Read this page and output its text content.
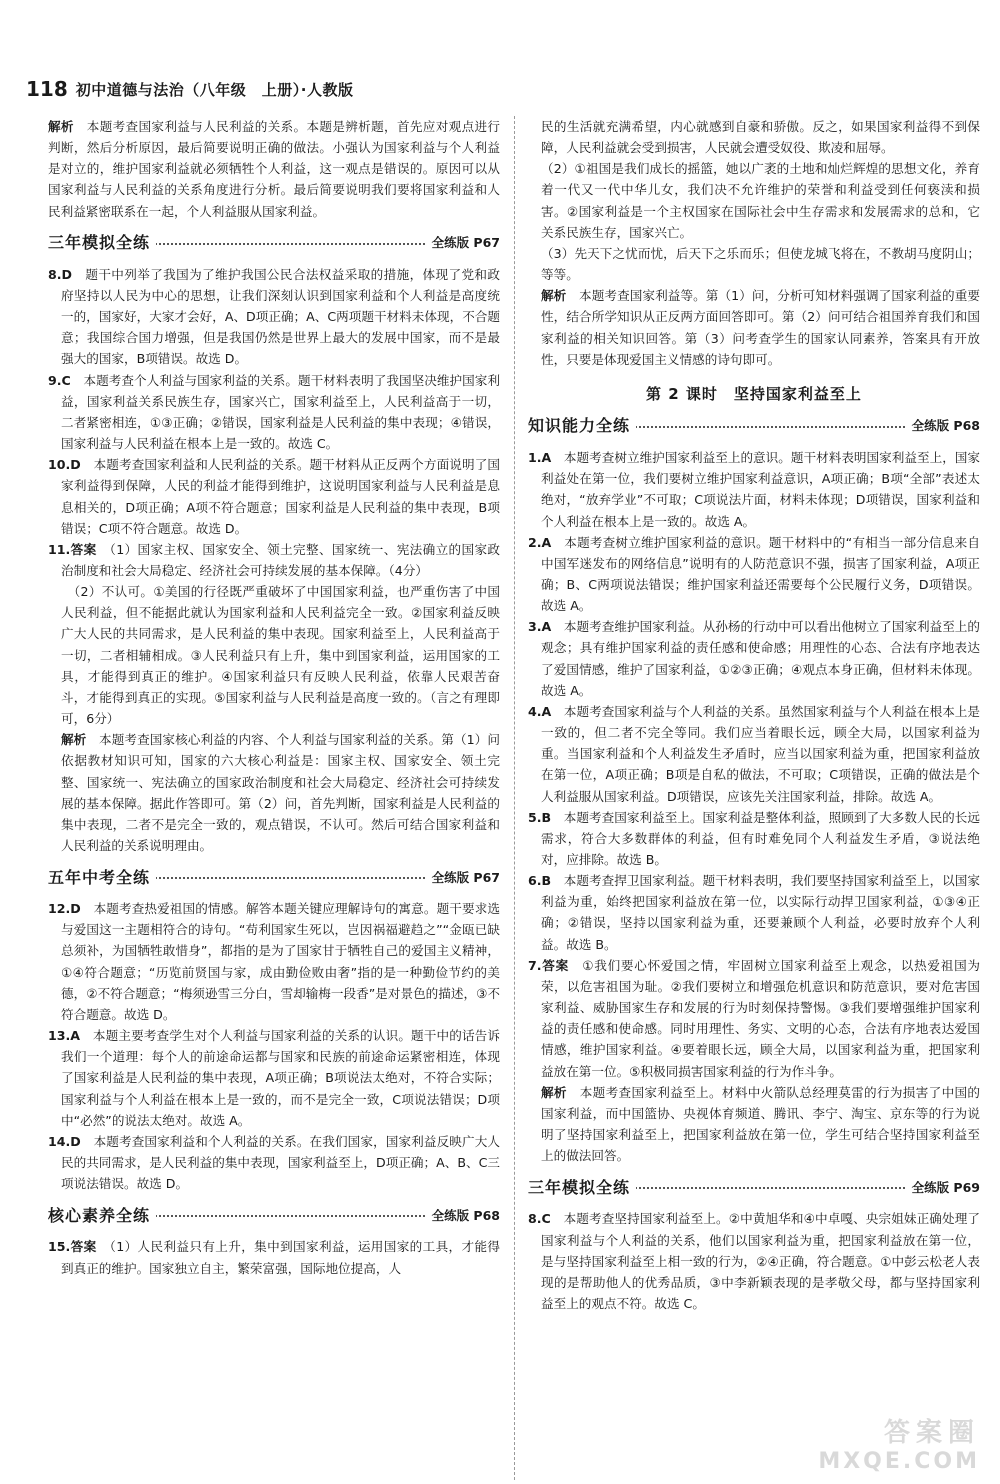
118 初中道德与法治（八年级　上册）·人教版

解析　本题考查国家利益与人民利益的关系。本题是辨析题，首先应对观点进行判断，然后分析原因，最后简要说明正确的做法。小强认为国家利益与个人利益是对立的，维护国家利益就必须牺牲个人利益，这一观点是错误的。原因可以从国家利益与人民利益的关系角度进行分析。最后简要说明我们要将国家利益和人民利益紧密联系在一起，个人利益服从国家利益。

三年模拟全练	全练版 P67

8.D　题干中列举了我国为了维护我国公民合法权益采取的措施，体现了党和政府坚持以人民为中心的思想，让我们深刻认识到国家利益和个人利益是高度统一的，国家好，大家才会好，A、D项正确；A、C两项题干材料未体现，不合题意；我国综合国力增强，但是我国仍然是世界上最大的发展中国家，而不是最强大的国家，B项错误。故选 D。

9.C　本题考查个人利益与国家利益的关系。题干材料表明了我国坚决维护国家利益，国家利益关系民族生存，国家兴亡，国家利益至上，人民利益高于一切，二者紧密相连，①③正确；②错误，国家利益是人民利益的集中表现；④错误，国家利益与人民利益在根本上是一致的。故选 C。

10.D　本题考查国家利益和人民利益的关系。题干材料从正反两个方面说明了国家利益得到保障，人民的利益才能得到维护，这说明国家利益与人民利益是息息相关的，D项正确；A项不符合题意；国家利益是人民利益的集中表现，B项错误；C项不符合题意。故选 D。

11.答案　（1）国家主权、国家安全、领土完整、国家统一、宪法确立的国家政治制度和社会大局稳定、经济社会可持续发展的基本保障。（4分）

　（2）不认可。①美国的行径既严重破坏了中国国家利益，也严重伤害了中国人民利益，但不能据此就认为国家利益和人民利益完全一致。②国家利益反映广大人民的共同需求，是人民利益的集中表现。国家利益至上，人民利益高于一切，二者相辅相成。③人民利益只有上升，集中到国家利益，运用国家的工具，才能得到真正的维护。④国家利益只有反映人民利益，依靠人民艰苦奋斗，才能得到真正的实现。⑤国家利益与人民利益是高度一致的。（言之有理即可，6分）

解析　本题考查国家核心利益的内容、个人利益与国家利益的关系。第（1）问依据教材知识可知，国家的六大核心利益是：国家主权、国家安全、领土完整、国家统一、宪法确立的国家政治制度和社会大局稳定、经济社会可持续发展的基本保障。据此作答即可。第（2）问，首先判断，国家利益是人民利益的集中表现，二者不是完全一致的，观点错误，不认可。然后可结合国家利益和人民利益的关系说明理由。

五年中考全练	全练版 P67

12.D　本题考查热爱祖国的情感。解答本题关键应理解诗句的寓意。题干要求选与爱国这一主题相符合的诗句。“苟利国家生死以，岂因祸福避趋之”“金瓯已缺总须补，为国牺牲敢惜身”，都指的是为了国家甘于牺牲自己的爱国主义精神，①④符合题意；“历览前贤国与家，成由勤俭败由奢”指的是一种勤俭节约的美德，②不符合题意；“梅须逊雪三分白，雪却输梅一段香”是对景色的描述，③不符合题意。故选 D。

13.A　本题主要考查学生对个人利益与国家利益的关系的认识。题干中的话告诉我们一个道理：每个人的前途命运都与国家和民族的前途命运紧密相连，体现了国家利益是人民利益的集中表现，A项正确；B项说法太绝对，不符合实际；国家利益与个人利益在根本上是一致的，而不是完全一致，C项说法错误；D项中“必然”的说法太绝对。故选 A。

14.D　本题考查国家利益和个人利益的关系。在我们国家，国家利益反映广大人民的共同需求，是人民利益的集中表现，国家利益至上，D项正确；A、B、C三项说法错误。故选 D。

核心素养全练	全练版 P68

15.答案　（1）人民利益只有上升，集中到国家利益，运用国家的工具，才能得到真正的维护。国家独立自主，繁荣富强，国际地位提高，人

民的生活就充满希望，内心就感到自豪和骄傲。反之，如果国家利益得不到保障，人民利益就会受到损害，人民就会遭受奴役、欺凌和屈辱。

（2）①祖国是我们成长的摇篮，她以广袤的土地和灿烂辉煌的思想文化，养育着一代又一代中华儿女，我们决不允许维护的荣誉和利益受到任何亵渎和损害。②国家利益是一个主权国家在国际社会中生存需求和发展需求的总和，它关系民族生存，国家兴亡。

（3）先天下之忧而忧，后天下之乐而乐；但使龙城飞将在，不教胡马度阴山；等等。

解析　本题考查国家利益等。第（1）问，分析可知材料强调了国家利益的重要性，结合所学知识从正反两方面回答即可。第（2）问可结合祖国养育我们和国家利益的相关知识回答。第（3）问考查学生的国家认同素养，答案具有开放性，只要是体现爱国主义情感的诗句即可。

第 2 课时　坚持国家利益至上
知识能力全练	全练版 P68

1.A　本题考查树立维护国家利益至上的意识。题干材料表明国家利益至上，国家利益处在第一位，我们要树立维护国家利益意识，A项正确；B项“全部”表述太绝对，“放弃学业”不可取；C项说法片面，材料未体现；D项错误，国家利益和个人利益在根本上是一致的。故选 A。

2.A　本题考查树立维护国家利益的意识。题干材料中的“有相当一部分信息来自中国军迷发布的网络信息”说明有的人防范意识不强，损害了国家利益，A项正确；B、C两项说法错误；维护国家利益还需要每个公民履行义务，D项错误。故选 A。

3.A　本题考查维护国家利益。从孙杨的行动中可以看出他树立了国家利益至上的观念；具有维护国家利益的责任感和使命感；用理性的心态、合法有序地表达了爱国情感，维护了国家利益，①②③正确；④观点本身正确，但材料未体现。故选 A。

4.A　本题考查国家利益与个人利益的关系。虽然国家利益与个人利益在根本上是一致的，但二者不完全等同。我们应当着眼长远，顾全大局，以国家利益为重。当国家利益和个人利益发生矛盾时，应当以国家利益为重，把国家利益放在第一位，A项正确；B项是自私的做法，不可取；C项错误，正确的做法是个人利益服从国家利益。D项错误，应该先关注国家利益，排除。故选 A。

5.B　本题考查国家利益至上。国家利益是整体利益，照顾到了大多数人民的长远需求，符合大多数群体的利益，但有时难免同个人利益发生矛盾，③说法绝对，应排除。故选 B。

6.B　本题考查捍卫国家利益。题干材料表明，我们要坚持国家利益至上，以国家利益为重，始终把国家利益放在第一位，以实际行动捍卫国家利益，①③④正确；②错误，坚持以国家利益为重，还要兼顾个人利益，必要时放弃个人利益。故选 B。

7.答案　①我们要心怀爱国之情，牢固树立国家利益至上观念，以热爱祖国为荣，以危害祖国为耻。②我们要树立和增强危机意识和防范意识，要对危害国家利益、威胁国家生存和发展的行为时刻保持警惕。③我们要增强维护国家利益的责任感和使命感。同时用理性、务实、文明的心态，合法有序地表达爱国情感，维护国家利益。④要着眼长远，顾全大局，以国家利益为重，把国家利益放在第一位。⑤积极同损害国家利益的行为作斗争。

解析　本题考查国家利益至上。材料中火箭队总经理莫雷的行为损害了中国的国家利益，而中国篮协、央视体育频道、腾讯、李宁、淘宝、京东等的行为说明了坚持国家利益至上，把国家利益放在第一位，学生可结合坚持国家利益至上的做法回答。

三年模拟全练	全练版 P69

8.C　本题考查坚持国家利益至上。②中黄旭华和④中卓嘎、央宗姐妹正确处理了国家利益与个人利益的关系，他们以国家利益为重，把国家利益放在第一位，是与坚持国家利益至上相一致的行为，②④正确，符合题意。①中彭云松老人表现的是帮助他人的优秀品质，③中李新颖表现的是孝敬父母，都与坚持国家利益至上的观点不符。故选 C。

答案圈
MXQE.COM
